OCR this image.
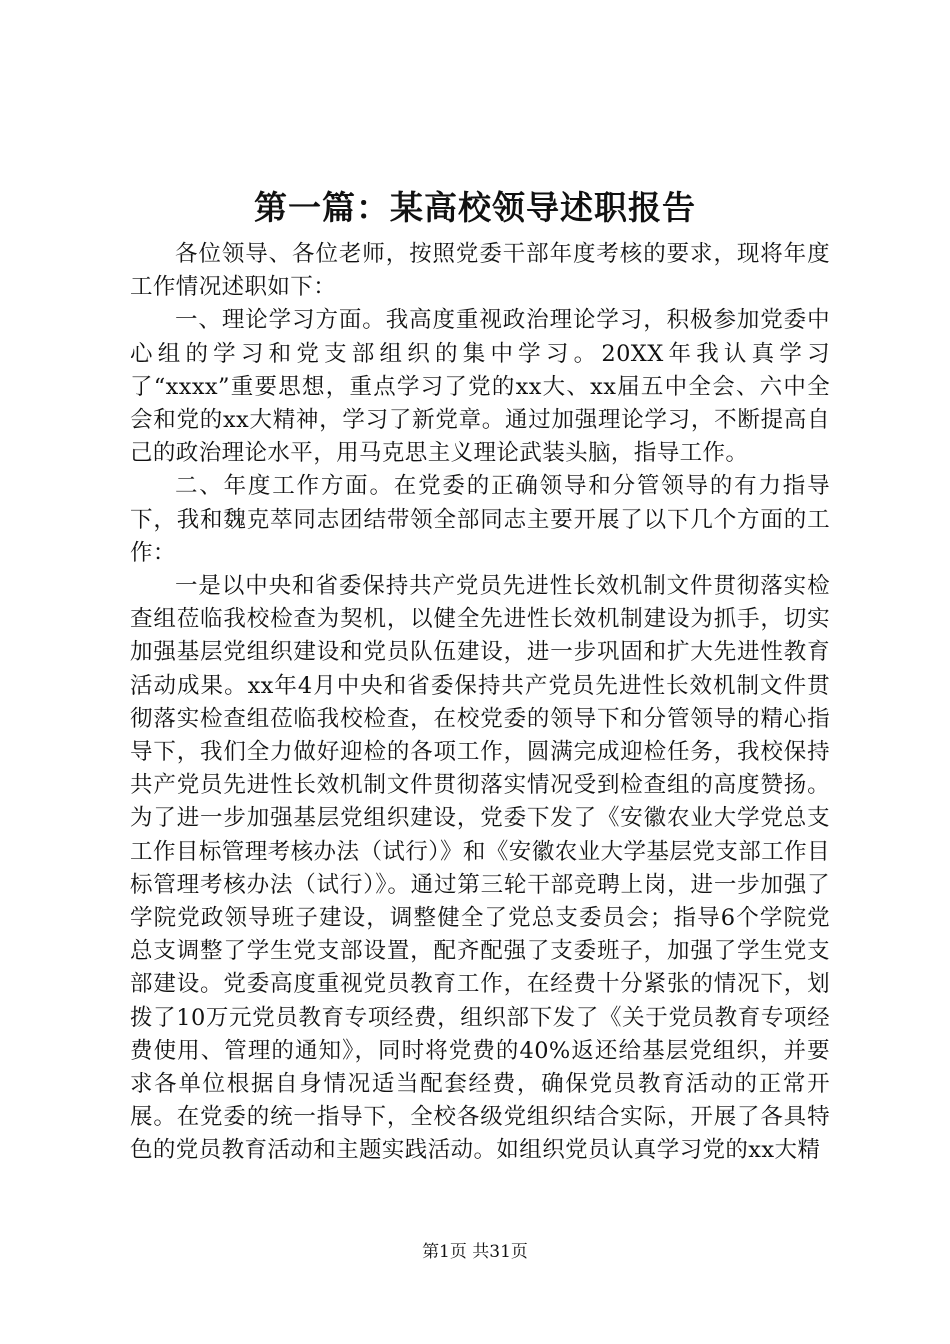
第一篇：某高校领导述职报告

各位领导、各位老师，按照党委干部年度考核的要求，现将年度工作情况述职如下：

一、理论学习方面。我高度重视政治理论学习，积极参加党委中心组的学习和党支部组织的集中学习。20XX年我认真学习了“xxxx”重要思想，重点学习了党的xx大、xx届五中全会、六中全会和党的xx大精神，学习了新党章。通过加强理论学习，不断提高自己的政治理论水平，用马克思主义理论武装头脑，指导工作。

二、年度工作方面。在党委的正确领导和分管领导的有力指导下，我和魏克萃同志团结带领全部同志主要开展了以下几个方面的工作：

一是以中央和省委保持共产党员先进性长效机制文件贯彻落实检查组莅临我校检查为契机，以健全先进性长效机制建设为抓手，切实加强基层党组织建设和党员队伍建设，进一步巩固和扩大先进性教育活动成果。xx年4月中央和省委保持共产党员先进性长效机制文件贯彻落实检查组莅临我校检查，在校党委的领导下和分管领导的精心指导下，我们全力做好迎检的各项工作，圆满完成迎检任务，我校保持共产党员先进性长效机制文件贯彻落实情况受到检查组的高度赞扬。为了进一步加强基层党组织建设，党委下发了《安徽农业大学党总支工作目标管理考核办法（试行）》和《安徽农业大学基层党支部工作目标管理考核办法（试行）》。通过第三轮干部竞聘上岗，进一步加强了学院党政领导班子建设，调整健全了党总支委员会；指导6个学院党总支调整了学生党支部设置，配齐配强了支委班子，加强了学生党支部建设。党委高度重视党员教育工作，在经费十分紧张的情况下，划拨了10万元党员教育专项经费，组织部下发了《关于党员教育专项经费使用、管理的通知》，同时将党费的40%返还给基层党组织，并要求各单位根据自身情况适当配套经费，确保党员教育活动的正常开展。在党委的统一指导下，全校各级党组织结合实际，开展了各具特色的党员教育活动和主题实践活动。如组织党员认真学习党的xx大精

第1页 共31页
